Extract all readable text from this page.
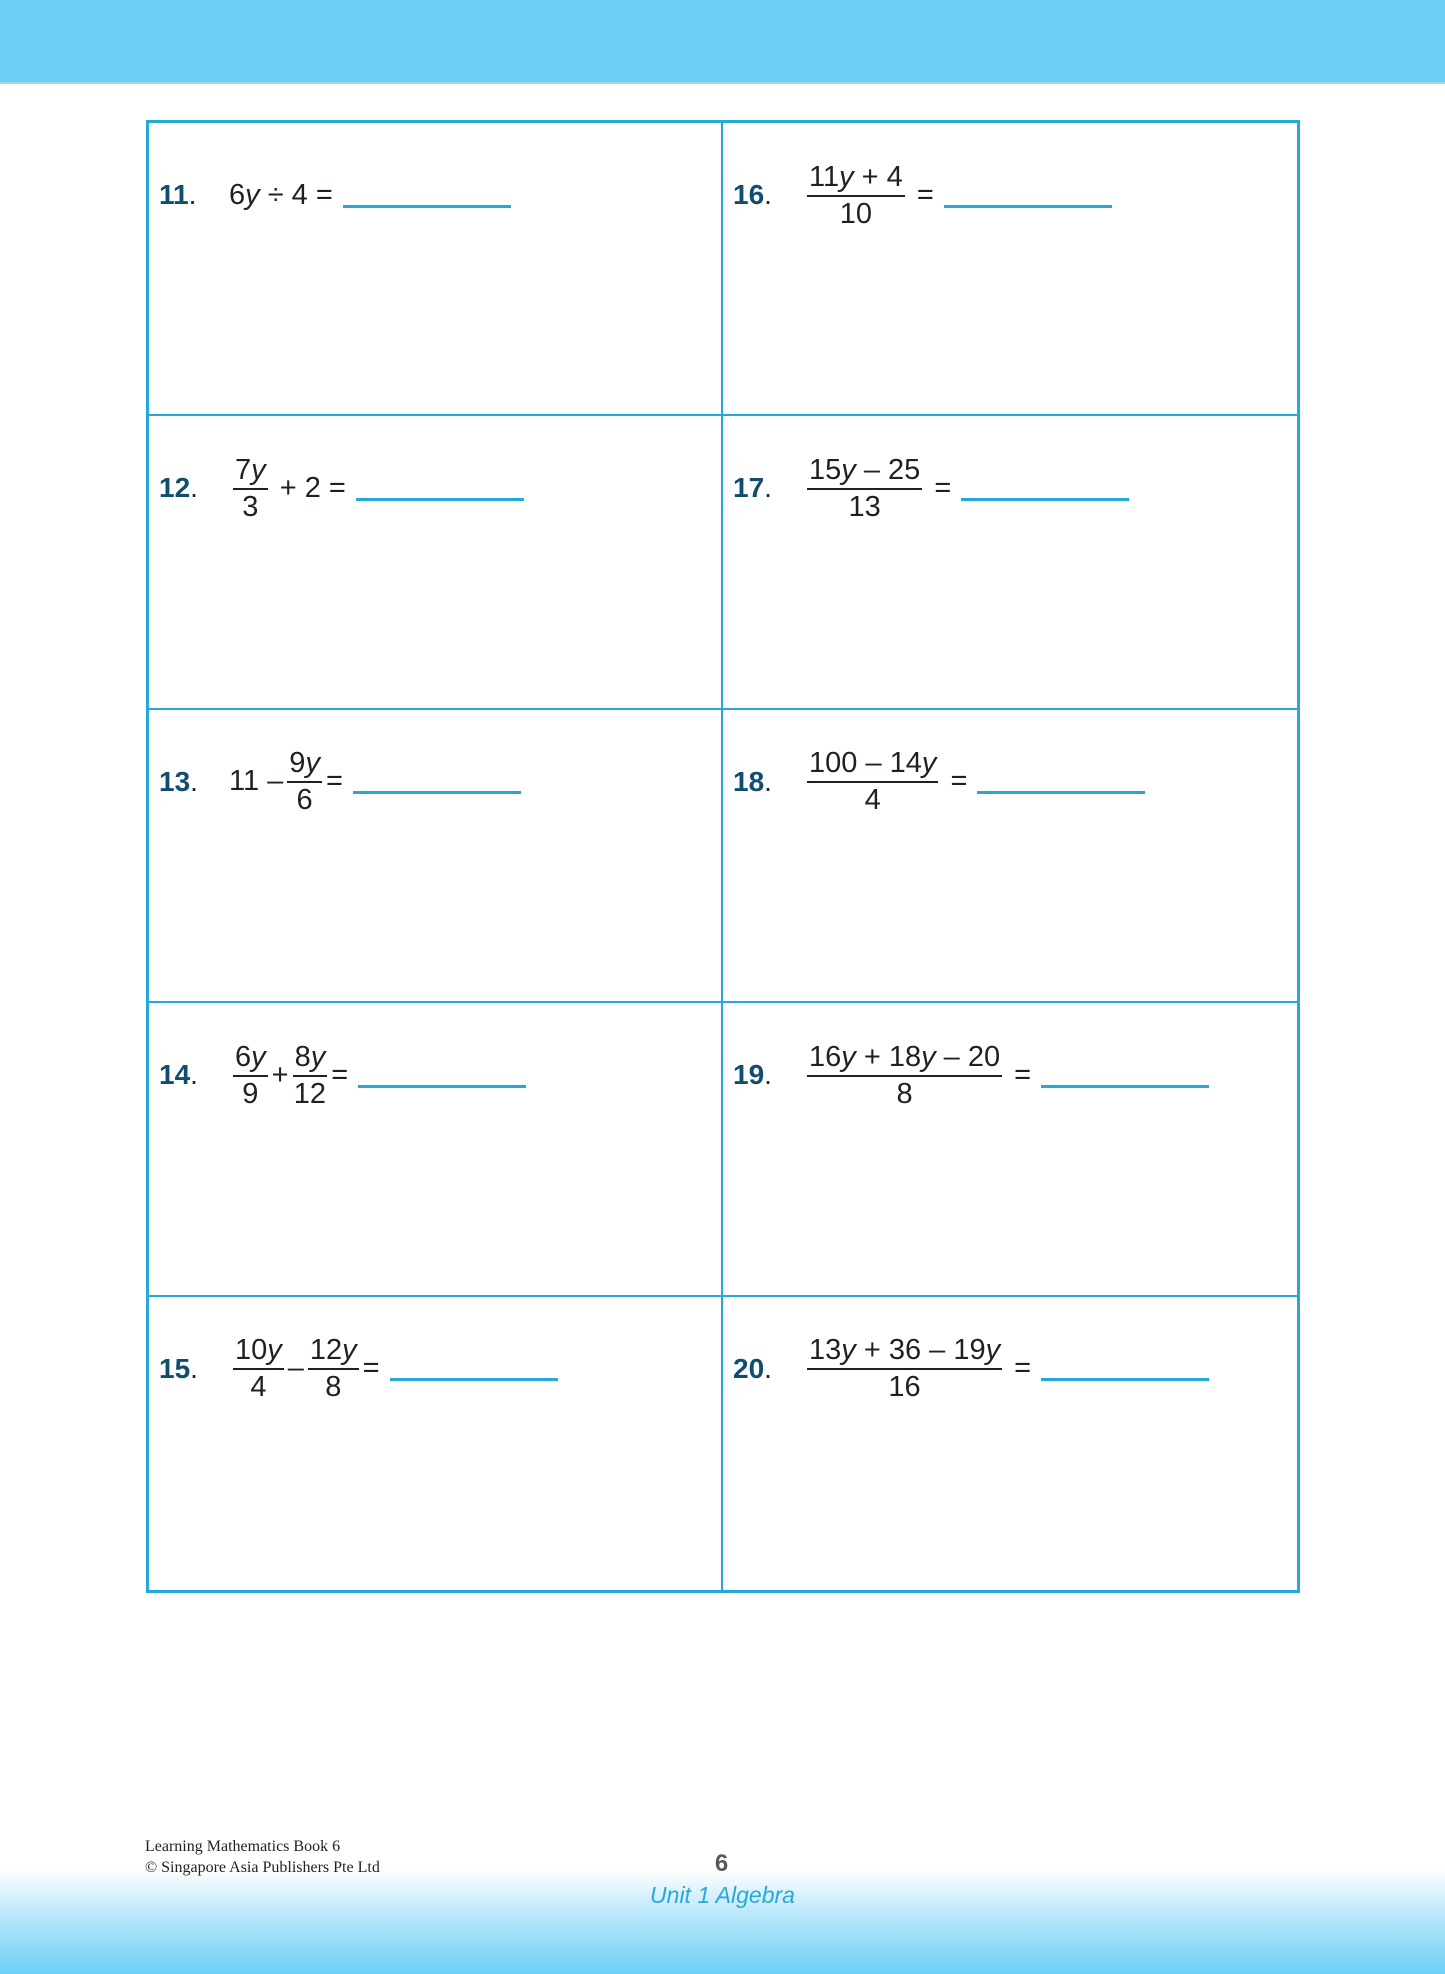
11.	6 y ÷ 4 =	16.	$\frac{11y + 4}{10}$ =
12.	$\frac{7y}{3} + 2$ =	17.	$\frac{15y - 25}{13}$ =
13.	$11 - \frac{9y}{6}$ =	18.	$\frac{100 - 14y}{4}$ =
14.	$\frac{6y}{9} + \frac{8y}{12}$ =	19.	$\frac{16y + 18y - 20}{8}$ =
15.	$\frac{10y}{4} - \frac{12y}{8}$ =	20.	$\frac{13y + 36 - 19y}{16}$ =
Learning Mathematics Book 6
© Singapore Asia Publishers Pte Ltd	6
Unit 1 Algebra
